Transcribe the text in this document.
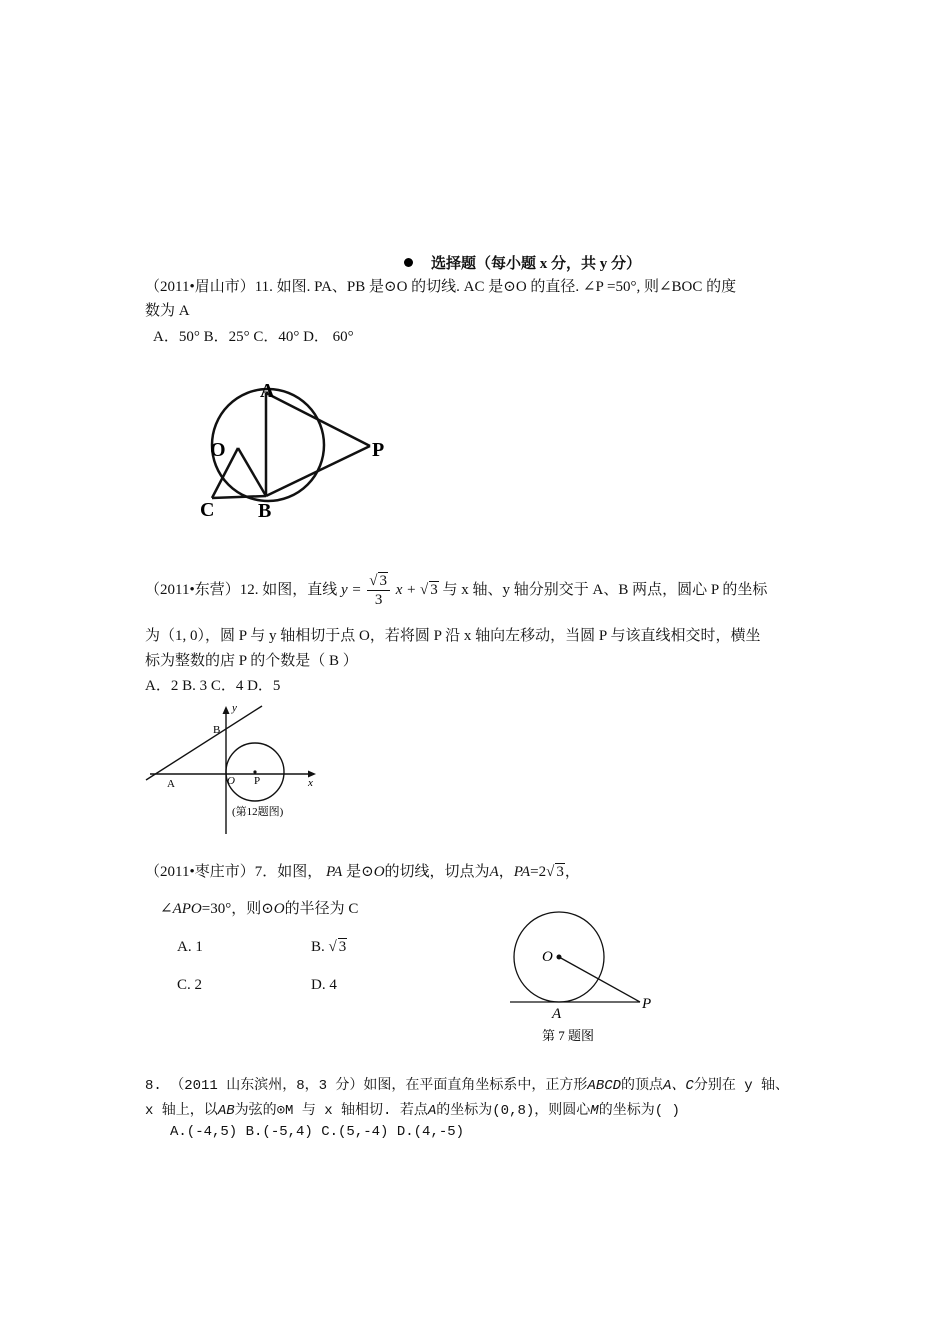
选择题（每小题 x 分，共 y 分）
（2011•眉山市）11. 如图. PA、PB 是⊙O 的切线. AC 是⊙O 的直径. ∠P =50°, 则∠BOC 的度
数为 A
A．50° B．25° C．40° D． 60°
A
B
C
O	P
（2011•东营）12. 如图，直线 $y = \frac{√ 3}{3}$ x + √ 3 与 x 轴、y 轴分别交于 A、B 两点，圆心 P 的坐标
为（1, 0），圆 P 与 y 轴相切于点 O，若将圆 P 沿 x 轴向左移动，当圆 P 与该直线相交时，横坐
标为整数的店 P 的个数是（ B ）
A．2 B. 3 C．4 D．5
y
x
A
B
O P
(第12题图)
（2011•枣庄市）7．如图， PA 是⊙O的切线，切点为A，PA=2√ 3，
∠APO=30°，则⊙O的半径为 C
A. 1	B. √ 3
C. 2	D. 4
O
P
A
第 7 题图
8. （2011 山东滨州，8，3 分）如图，在平面直角坐标系中，正方形ABCD的顶点A、C分别在 y 轴、
x 轴上，以AB为弦的⊙M 与 x 轴相切. 若点A的坐标为(0,8)，则圆心M的坐标为( )
A.(-4,5) B.(-5,4) C.(5,-4) D.(4,-5)
